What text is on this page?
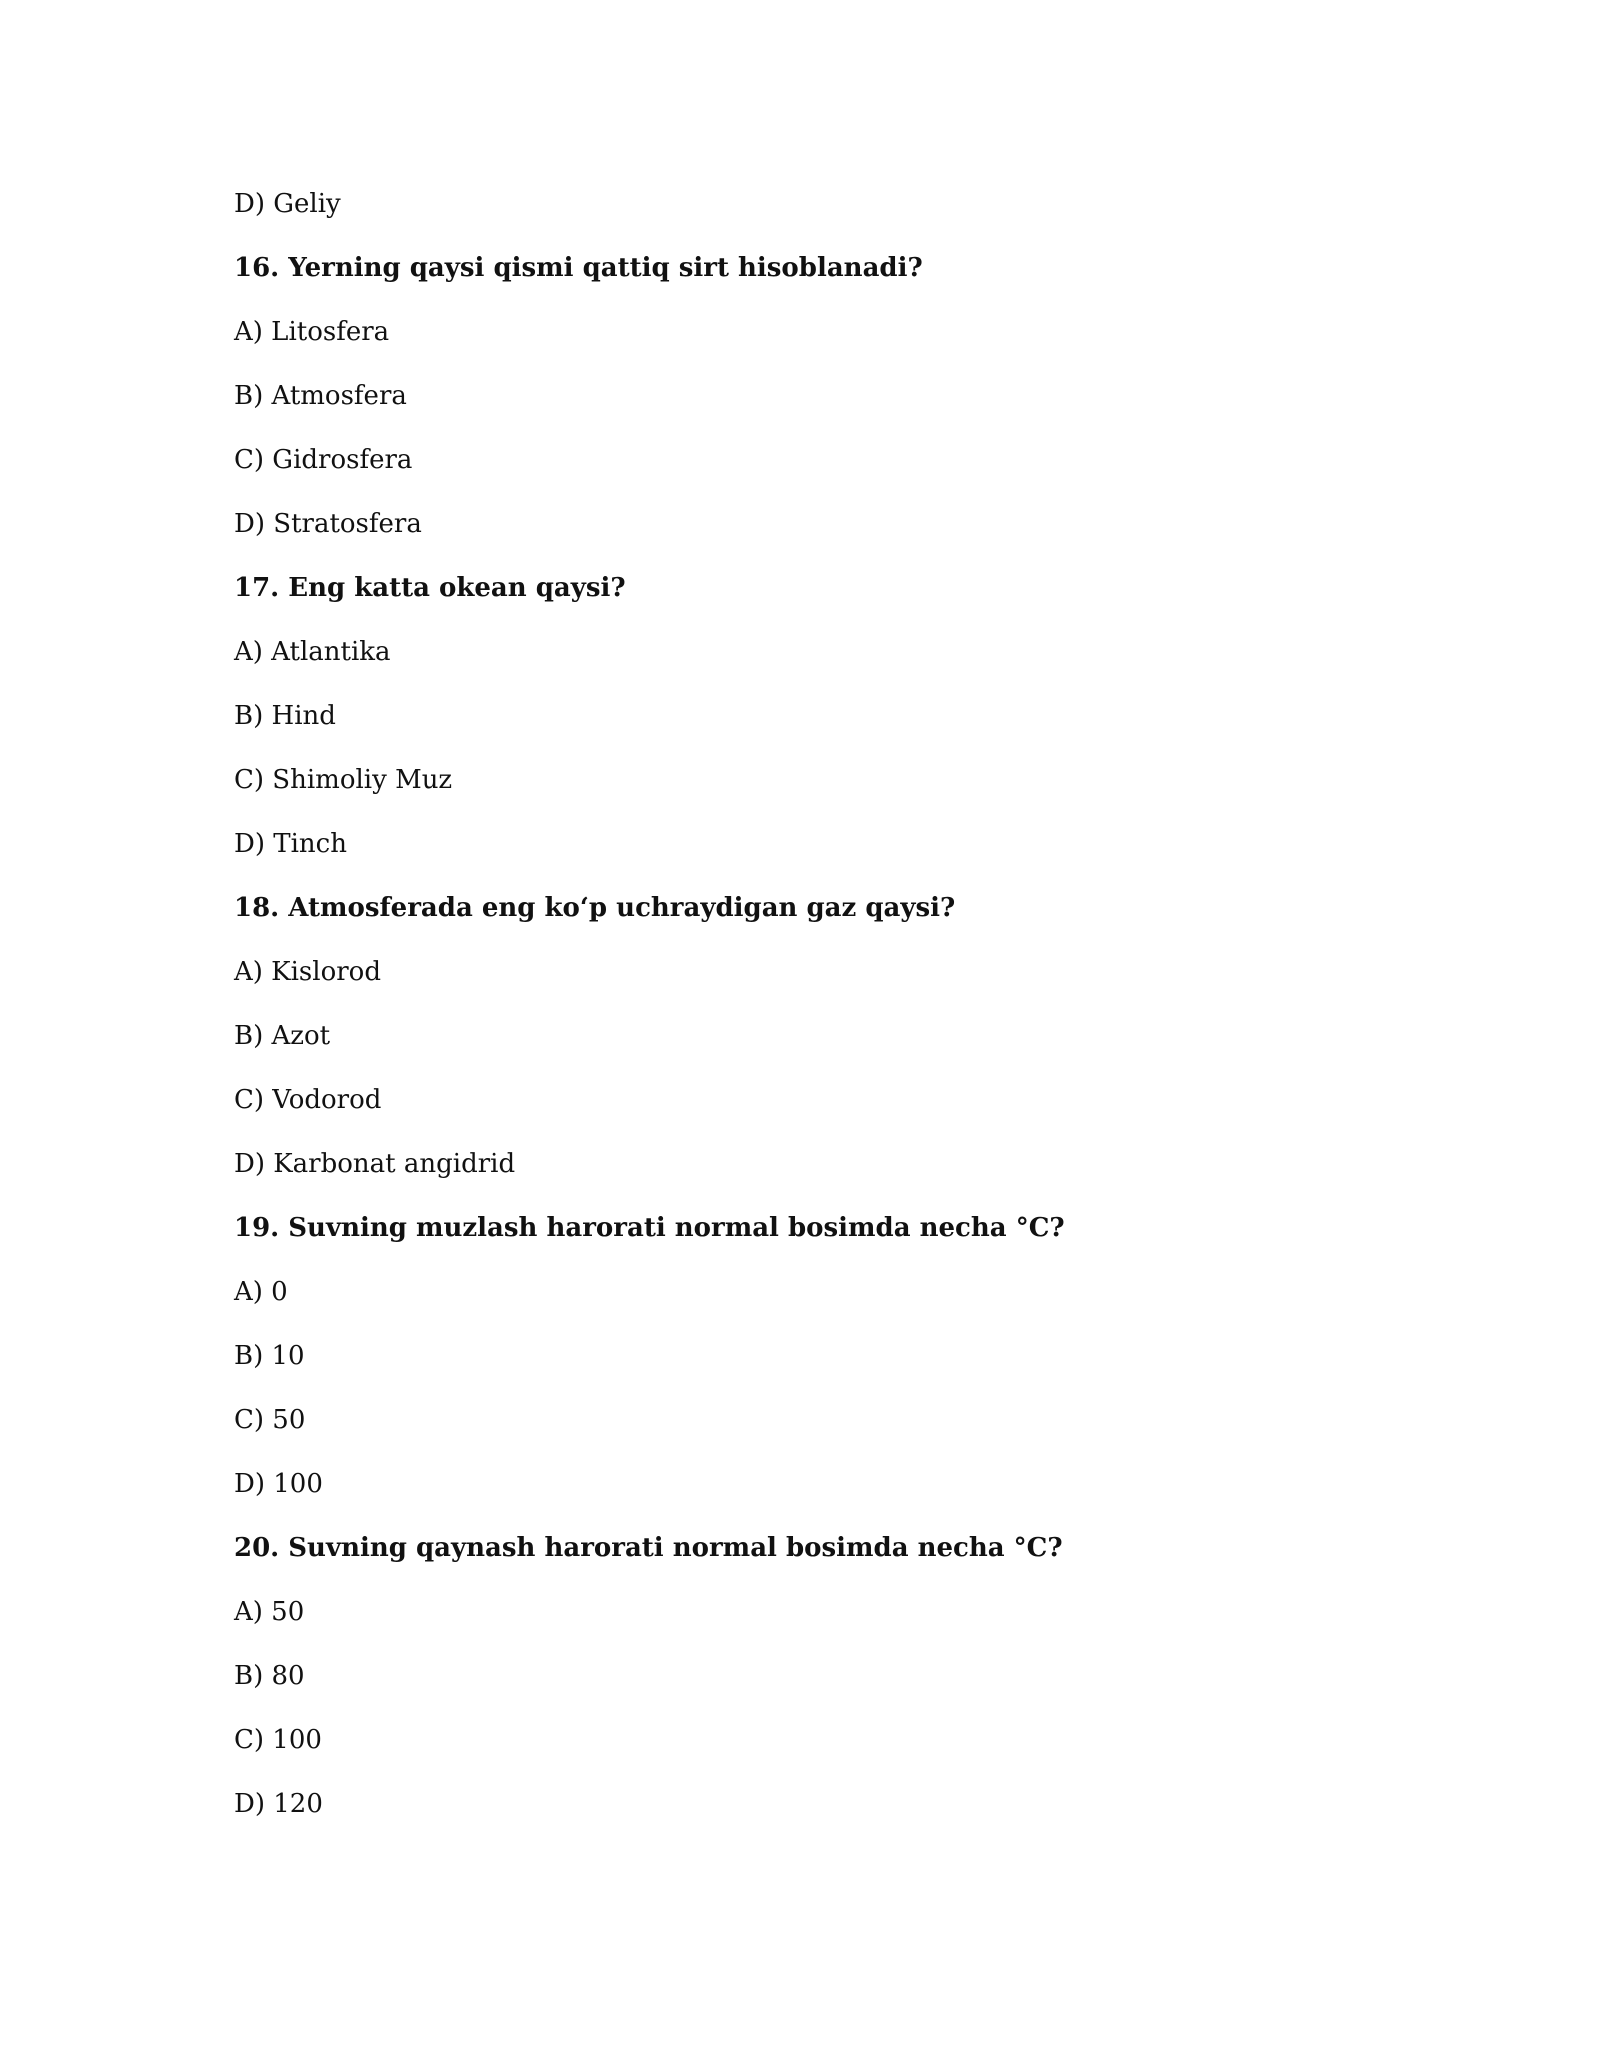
D) Geliy
16. Yerning qaysi qismi qattiq sirt hisoblanadi?
A) Litosfera
B) Atmosfera
C) Gidrosfera
D) Stratosfera
17. Eng katta okean qaysi?
A) Atlantika
B) Hind
C) Shimoliy Muz
D) Tinch
18. Atmosferada eng ko‘p uchraydigan gaz qaysi?
A) Kislorod
B) Azot
C) Vodorod
D) Karbonat angidrid
19. Suvning muzlash harorati normal bosimda necha °C?
A) 0
B) 10
C) 50
D) 100
20. Suvning qaynash harorati normal bosimda necha °C?
A) 50
B) 80
C) 100
D) 120
